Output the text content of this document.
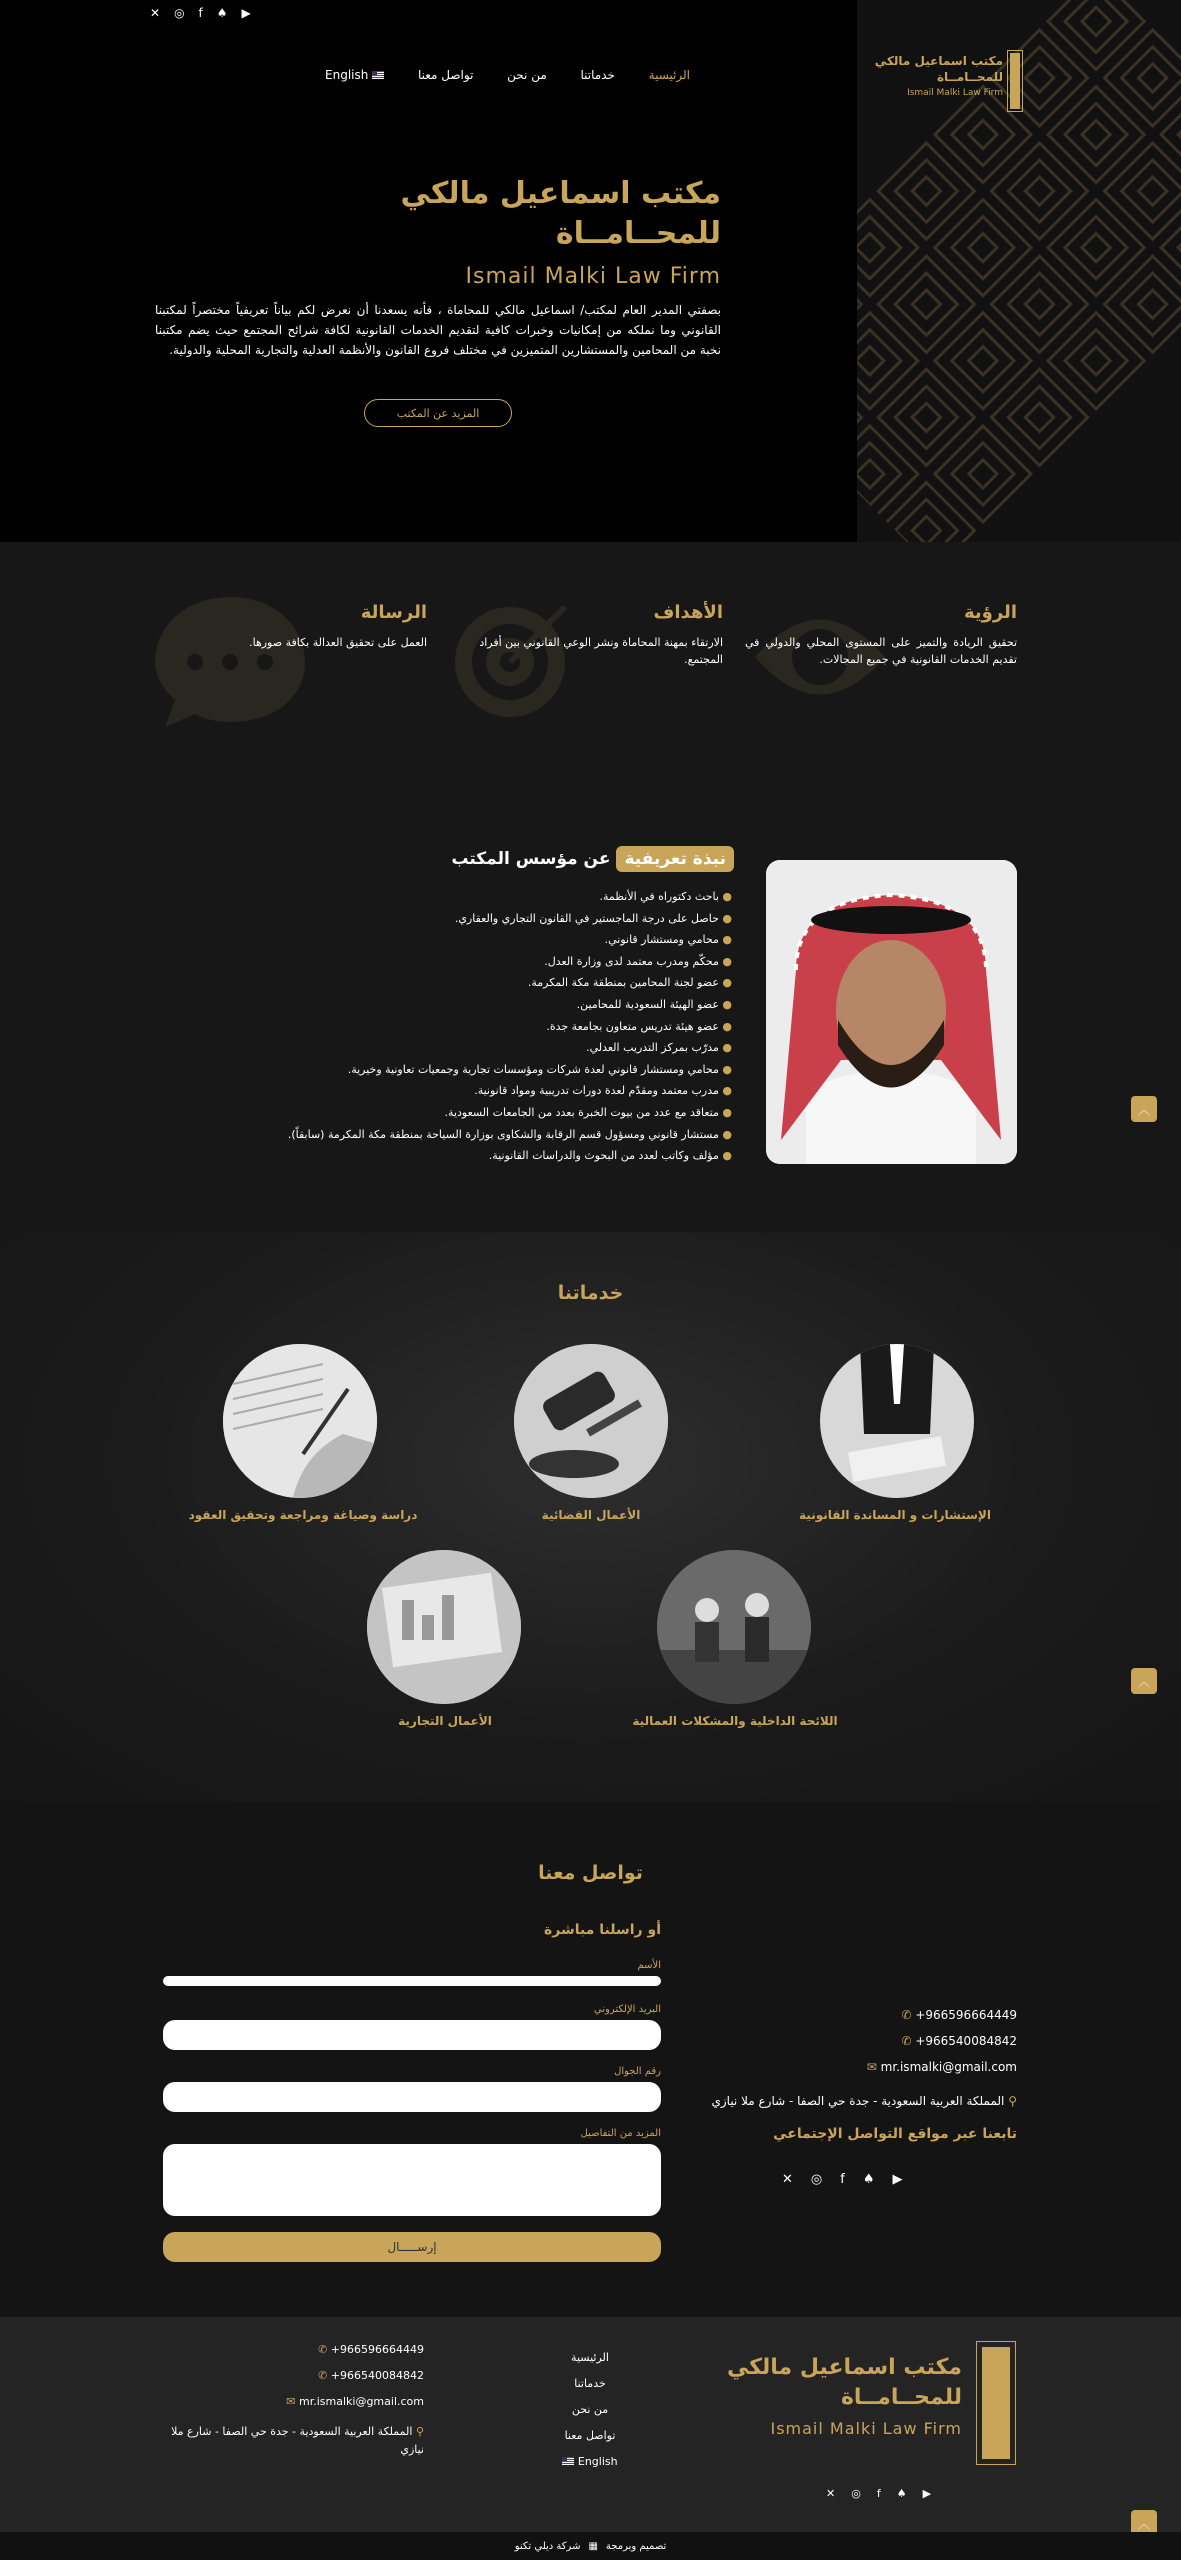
✕ ◎ f ♠ ▶
مكتب اسماعيل مالكي
للمحــامــاة
Ismail Malki Law Firm
الرئيسية
خدماتنا
من نحن
تواصل معنا
English
مكتب اسماعيل مالكي
للمحــامــاة
Ismail Malki Law Firm
بصفتي المدير العام لمكتب/ اسماعيل مالكي للمحاماة ، فأنه يسعدنا أن نعرض لكم بياناً تعريفياً مختصراً لمكتبنا القانوني وما نملكه من إمكانيات وخبرات كافية لتقديم الخدمات القانونية لكافة شرائح المجتمع حيث يضم مكتبنا نخبة من المحامين والمستشارين المتميزين في مختلف فروع القانون والأنظمة العدلية والتجارية المحلية والدولية.
المزيد عن المكتب
الرؤية
تحقيق الريادة والتميز على المستوى المحلي والدولي في تقديم الخدمات القانونية في جميع المجالات.
الأهداف
الارتقاء بمهنة المحاماة ونشر الوعي القانوني بين أفراد المجتمع.
الرسالة
العمل على تحقيق العدالة بكافة صورها.
نبذة تعريفية
عن مؤسس المكتب
● باحث دكتوراه في الأنظمة.
● حاصل على درجة الماجستير في القانون التجاري والعقاري.
● محامي ومستشار قانوني.
● محكّم ومدرب معتمد لدى وزارة العدل.
● عضو لجنة المحامين بمنطقة مكة المكرمة.
● عضو الهيئة السعودية للمحامين.
● عضو هيئة تدريس متعاون بجامعة جدة.
● مدرّب بمركز التدريب العدلي.
● محامي ومستشار قانوني لعدة شركات ومؤسسات تجارية وجمعيات تعاونية وخيرية.
● مدرب معتمد ومقدّم لعدة دورات تدريبية ومواد قانونية.
● متعاقد مع عدد من بيوت الخبرة بعدد من الجامعات السعودية.
● مستشار قانوني ومسؤول قسم الرقابة والشكاوى بوزارة السياحة بمنطقة مكة المكرمة (سابقاً).
● مؤلف وكاتب لعدد من البحوث والدراسات القانونية.
︿
خدماتنا
الإستشارات و المساندة القانونية
الأعمال القضائية
دراسة وصياغة ومراجعة وتحقيق العقود
اللائحة الداخلية والمشكلات العمالية
الأعمال التجارية
︿
تواصل معنا
أو راسلنا مباشرة
الأسم
البريد الإلكتروني
رقم الجوال
المزيد من التفاصيل
إرســـــال
+966596664449 ✆
+966540084842 ✆
mr.ismalki@gmail.com ✉
⚲ المملكة العربية السعودية - جدة حي الصفا - شارع ملا نيازي
تابعنا عبر مواقع التواصل الإجتماعي
✕ ◎ f ♠ ▶
مكتب اسماعيل مالكي
للمحــامــاة
Ismail Malki Law Firm
✕ ◎ f ♠ ▶
الرئيسية
خدماتنا
من نحن
تواصل معنا
English
+966596664449 ✆
+966540084842 ✆
mr.ismalki@gmail.com ✉
⚲ المملكة العربية السعودية - جدة حي الصفا - شارع ملا نيازي
︿
تصميم وبرمجة
▦
شركة ديلي تكنو
